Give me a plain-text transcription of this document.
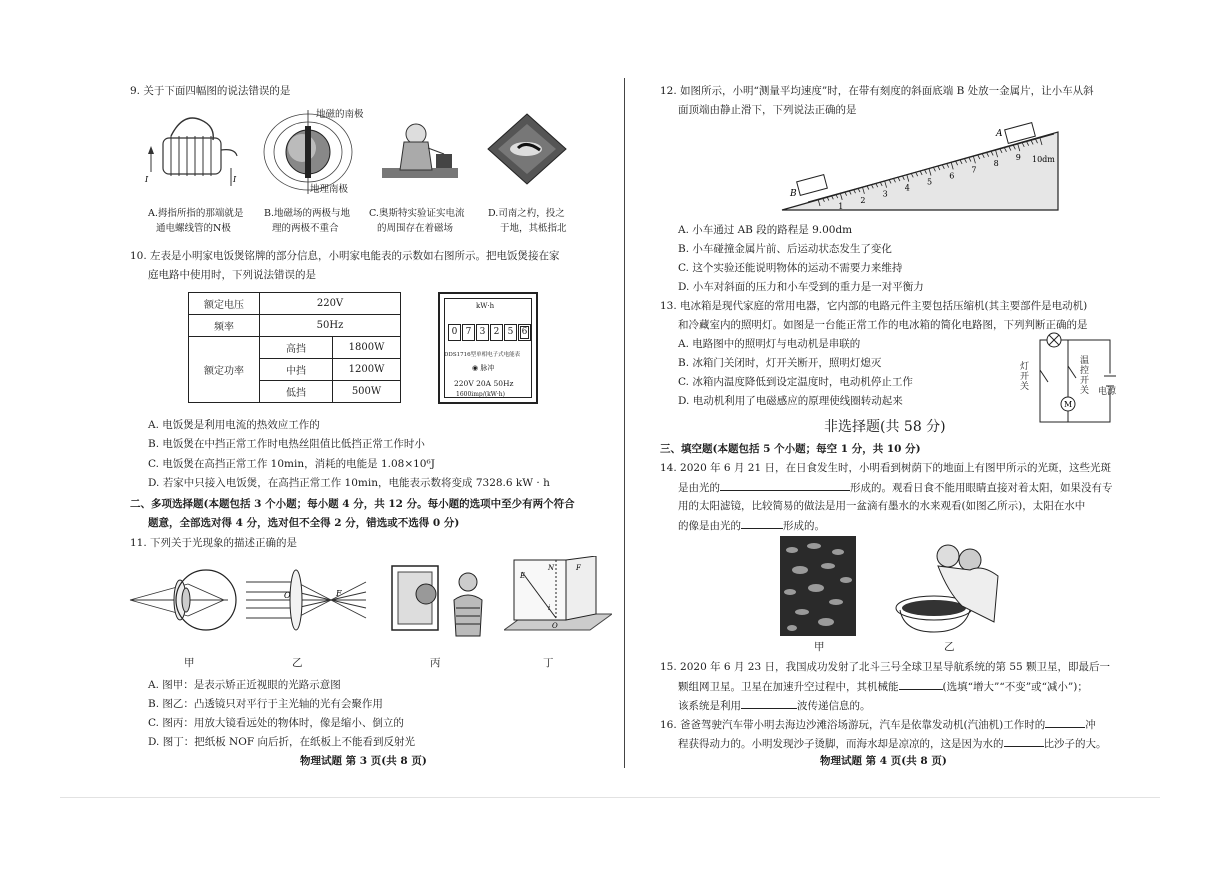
9. 关于下面四幅图的说法错误的是
I	I
地磁的南极
地理南极
A.拇指所指的那端就是
通电螺线管的N极
B.地磁场的两极与地
理的两极不重合
C.奥斯特实验证实电流
的周围存在着磁场
D.司南之杓，投之
于地，其柢指北
10. 左表是小明家电饭煲铭牌的部分信息，小明家电能表的示数如右图所示。把电饭煲接在家
庭电路中使用时，下列说法错误的是
额定电压	220V	
频率	50Hz	
额定功率	高挡	1800W
	中挡	1200W
	低挡	500W
kW·h
0 7 3 2 5 6
DDS1716型单相电子式电能表
◉ 脉冲
220V 20A 50Hz
1600imp/(kW·h)
A. 电饭煲是利用电流的热效应工作的
B. 电饭煲在中挡正常工作时电热丝阻值比低挡正常工作时小
C. 电饭煲在高挡正常工作 10min，消耗的电能是 1.08×10⁶J
D. 若家中只接入电饭煲，在高挡正常工作 10min，电能表示数将变成 7328.6 kW · h
二、多项选择题(本题包括 3 个小题；每小题 4 分，共 12 分。每小题的选项中至少有两个符合
题意，全部选对得 4 分，选对但不全得 2 分，错选或不选得 0 分)
11. 下列关于光现象的描述正确的是
O	F
E
N	F
i
O
甲	乙	丙	丁
A. 图甲：是表示矫正近视眼的光路示意图
B. 图乙：凸透镜只对平行于主光轴的光有会聚作用
C. 图丙：用放大镜看远处的物体时，像是缩小、倒立的
D. 图丁：把纸板 NOF 向后折，在纸板上不能看到反射光
物理试题 第 3 页(共 8 页)
12. 如图所示，小明“测量平均速度”时，在带有刻度的斜面底端 B 处放一金属片，让小车从斜
面顶端由静止滑下，下列说法正确的是
1
2
3
4
5
6
7
8
9
B
A
10dm
A. 小车通过 AB 段的路程是 9.00dm
B. 小车碰撞金属片前、后运动状态发生了变化
C. 这个实验还能说明物体的运动不需要力来维持
D. 小车对斜面的压力和小车受到的重力是一对平衡力
13. 电冰箱是现代家庭的常用电器，它内部的电路元件主要包括压缩机(其主要部件是电动机)
和冷藏室内的照明灯。如图是一台能正常工作的电冰箱的简化电路图，下列判断正确的是
A. 电路图中的照明灯与电动机是串联的
B. 冰箱门关闭时，灯开关断开，照明灯熄灭
C. 冰箱内温度降低到设定温度时，电动机停止工作
D. 电动机利用了电磁感应的原理使线圈转动起来	M
灯开关
温控开关 电源
非选择题(共 58 分)
三、填空题(本题包括 5 个小题；每空 1 分，共 10 分)
14. 2020 年 6 月 21 日，在日食发生时，小明看到树荫下的地面上有图甲所示的光斑，这些光斑
是由光的	形成的。观看日食不能用眼睛直接对着太阳，如果没有专
用的太阳滤镜，比较简易的做法是用一盆滴有墨水的水来观看(如图乙所示)，太阳在水中
的像是由光的	形成的。
甲	乙
15. 2020 年 6 月 23 日，我国成功发射了北斗三号全球卫星导航系统的第 55 颗卫星，即最后一
颗组网卫星。卫星在加速升空过程中，其机械能	(选填“增大”“不变”或“减小”)；
该系统是利用	波传递信息的。
16. 爸爸驾驶汽车带小明去海边沙滩浴场游玩，汽车是依靠发动机(汽油机)工作时的	冲
程获得动力的。小明发现沙子烫脚，而海水却是凉凉的，这是因为水的	比沙子的大。
物理试题 第 4 页(共 8 页)
